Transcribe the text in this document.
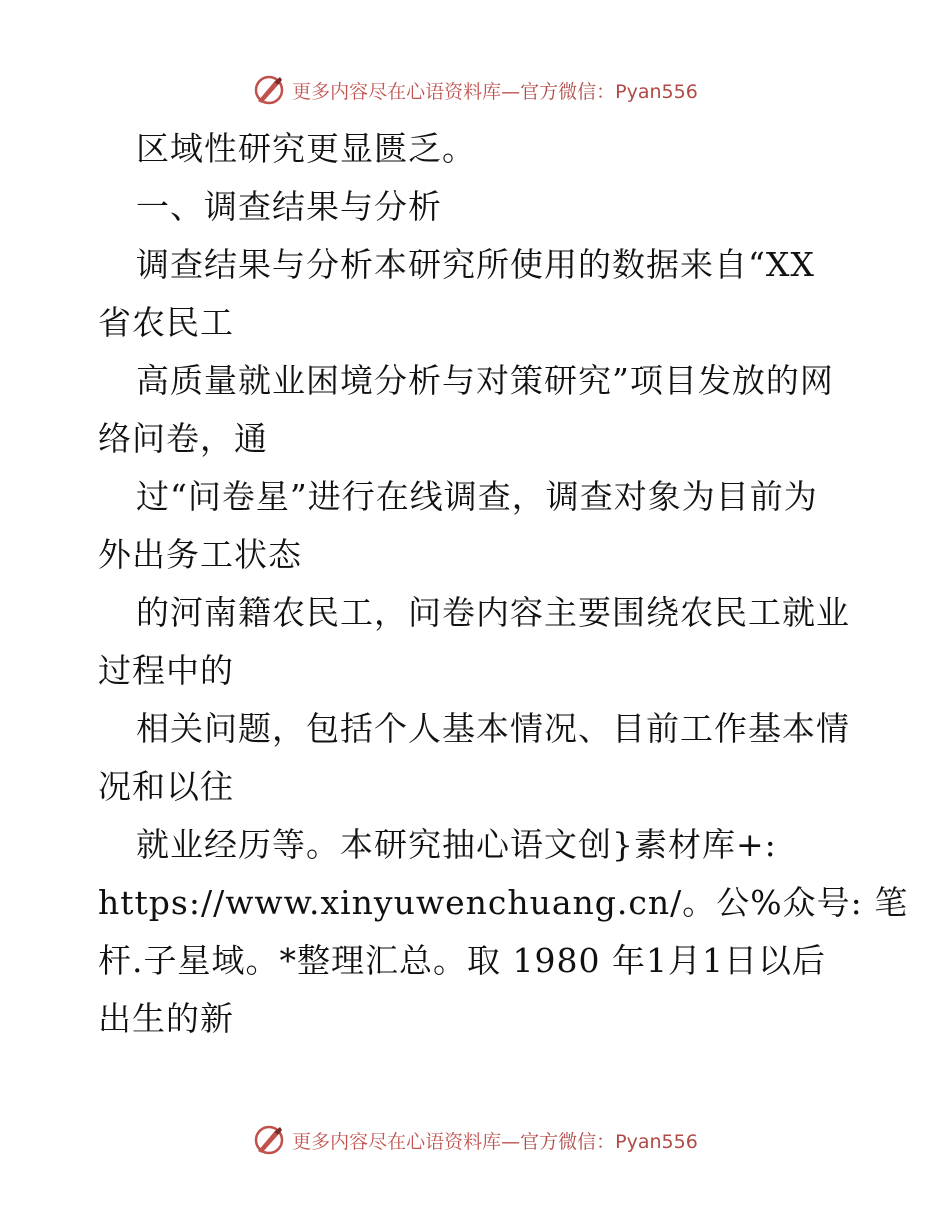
更多内容尽在心语资料库—官方微信：Pyan556
区域性研究更显匮乏。
一、调查结果与分析
调查结果与分析本研究所使用的数据来自“XX
省农民工
高质量就业困境分析与对策研究”项目发放的网
络问卷，通
过“问卷星”进行在线调查，调查对象为目前为
外出务工状态
的河南籍农民工，问卷内容主要围绕农民工就业
过程中的
相关问题，包括个人基本情况、目前工作基本情
况和以往
就业经历等。本研究抽心语文创}素材库+:
https://www.xinyuwenchuang.cn/。公%众号: 笔
杆.子星域。*整理汇总。取 1980 年1月1日以后
出生的新
更多内容尽在心语资料库—官方微信：Pyan556
